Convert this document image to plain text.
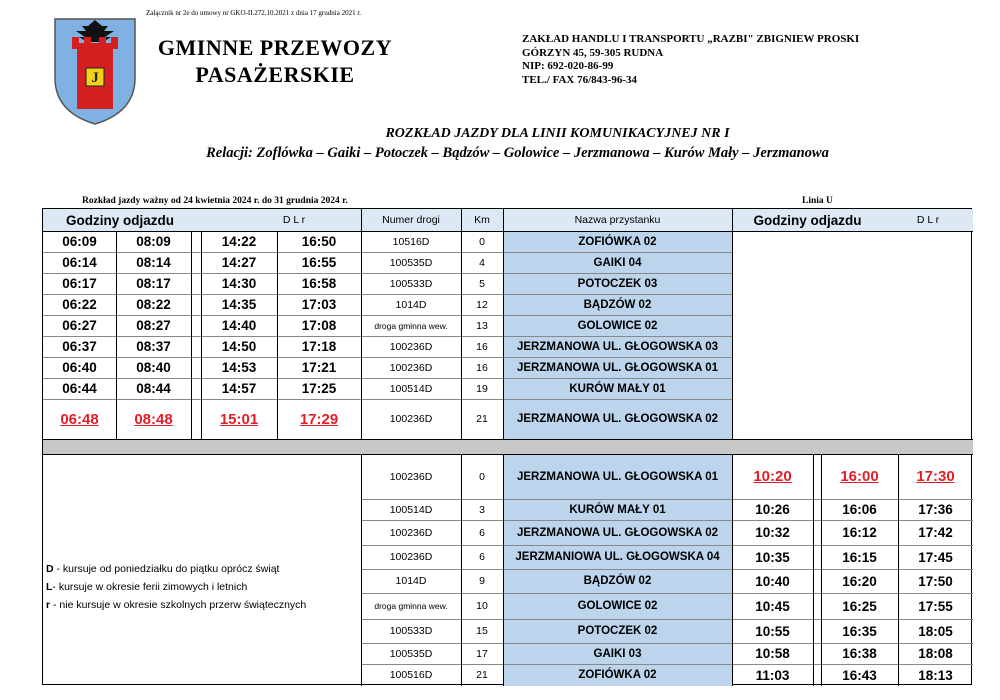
Załącznik nr 2e do umowy nr GKO-II.272.10.2021 z dnia 17 grudnia 2021 r.
J
GMINNE PRZEWOZY
PASAŻERSKIE
ZAKŁAD HANDLU I TRANSPORTU „RAZBI" ZBIGNIEW PROSKI
GÓRZYN 45, 59-305 RUDNA
NIP: 692-020-86-99
TEL./ FAX 76/843-96-34
ROZKŁAD JAZDY DLA LINII KOMUNIKACYJNEJ NR I
Relacji: Zoflówka – Gaiki – Potoczek – Bądzów – Golowice – Jerzmanowa – Kurów Mały – Jerzmanowa
Rozkład jazdy ważny od 24 kwietnia 2024 r. do 31 grudnia 2024 r.	Linia U
Godziny odjazdu	D L r	Numer drogi	Km	Nazwa przystanku	Godziny odjazdu	D L r
06:09	08:09	14:22	16:50	10516D	0	ZOFIÓWKA 02
06:14	08:14	14:27	16:55	100535D	4	GAIKI 04
06:17	08:17	14:30	16:58	100533D	5	POTOCZEK 03
06:22	08:22	14:35	17:03	1014D	12	BĄDZÓW 02
06:27	08:27	14:40	17:08	droga gminna wew.	13	GOLOWICE 02
06:37	08:37	14:50	17:18	100236D	16	JERZMANOWA UL. GŁOGOWSKA 03
06:40	08:40	14:53	17:21	100236D	16	JERZMANOWA UL. GŁOGOWSKA 01
06:44	08:44	14:57	17:25	100514D	19	KURÓW MAŁY 01
06:48	08:48	15:01	17:29	100236D	21	JERZMANOWA UL. GŁOGOWSKA 02
100236D	0	JERZMANOWA UL. GŁOGOWSKA 01	10:20	16:00	17:30
100514D	3	KURÓW MAŁY 01	10:26	16:06	17:36
100236D	6	JERZMANOWA UL. GŁOGOWSKA 02	10:32	16:12	17:42
100236D	6	JERZMANIOWA UL. GŁOGOWSKA 04	10:35	16:15	17:45
1014D	9	BĄDZÓW 02	10:40	16:20	17:50
droga gminna wew.	10	GOLOWICE 02	10:45	16:25	17:55
100533D	15	POTOCZEK 02	10:55	16:35	18:05
100535D	17	GAIKI 03	10:58	16:38	18:08
100516D	21	ZOFIÓWKA 02	11:03	16:43	18:13
D - kursuje od poniedziałku do piątku oprócz świąt
L- kursuje w okresie ferii zimowych i letnich
r - nie kursuje w okresie szkolnych przerw świątecznych
